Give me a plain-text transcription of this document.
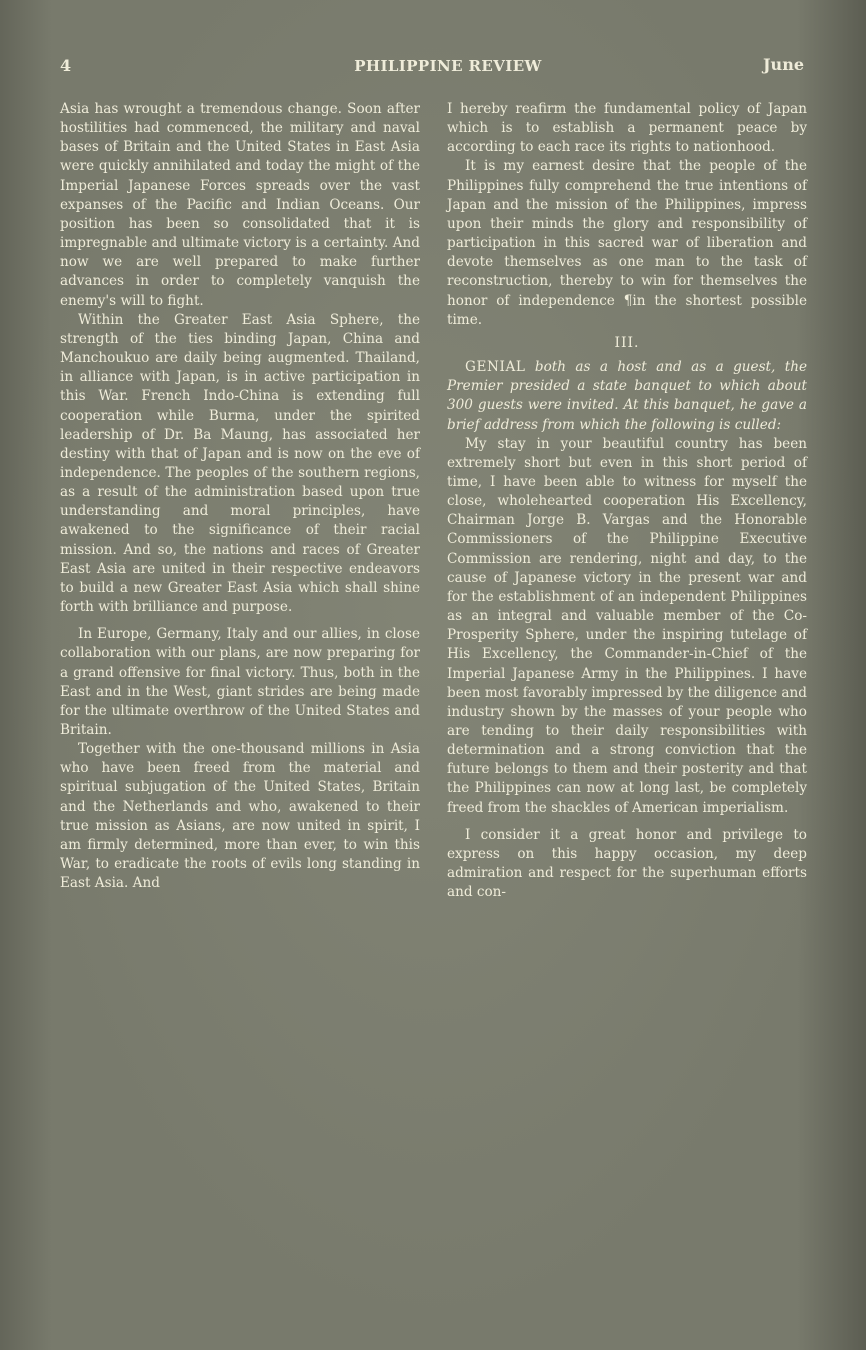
4	PHILIPPINE REVIEW	June

Asia has wrought a tremendous change. Soon after hostilities had commenced, the military and naval bases of Britain and the United States in East Asia were quickly annihilated and today the might of the Imperial Japanese Forces spreads over the vast expanses of the Pacific and Indian Oceans. Our position has been so consolidated that it is impregnable and ultimate victory is a certainty. And now we are well prepared to make further advances in order to completely vanquish the enemy's will to fight.

Within the Greater East Asia Sphere, the strength of the ties binding Japan, China and Manchoukuo are daily being augmented. Thailand, in alliance with Japan, is in active participation in this War. French Indo-China is extending full cooperation while Burma, under the spirited leadership of Dr. Ba Maung, has associated her destiny with that of Japan and is now on the eve of independence. The peoples of the southern regions, as a result of the administration based upon true understanding and moral principles, have awakened to the significance of their racial mission. And so, the nations and races of Greater East Asia are united in their respective endeavors to build a new Greater East Asia which shall shine forth with brilliance and purpose.

In Europe, Germany, Italy and our allies, in close collaboration with our plans, are now preparing for a grand offensive for final victory. Thus, both in the East and in the West, giant strides are being made for the ultimate overthrow of the United States and Britain.

Together with the one-thousand millions in Asia who have been freed from the material and spiritual subjugation of the United States, Britain and the Netherlands and who, awakened to their true mission as Asians, are now united in spirit, I am firmly determined, more than ever, to win this War, to eradicate the roots of evils long standing in East Asia. And

I hereby reafirm the fundamental policy of Japan which is to establish a permanent peace by according to each race its rights to nationhood.

It is my earnest desire that the people of the Philippines fully comprehend the true intentions of Japan and the mission of the Philippines, impress upon their minds the glory and responsibility of participation in this sacred war of liberation and devote themselves as one man to the task of reconstruction, thereby to win for themselves the honor of independence ¶in the shortest possible time.

III.

GENIAL both as a host and as a guest, the Premier presided a state banquet to which about 300 guests were invited. At this banquet, he gave a brief address from which the following is culled:

My stay in your beautiful country has been extremely short but even in this short period of time, I have been able to witness for myself the close, wholehearted cooperation His Excellency, Chairman Jorge B. Vargas and the Honorable Commissioners of the Philippine Executive Commission are rendering, night and day, to the cause of Japanese victory in the present war and for the establishment of an independent Philippines as an integral and valuable member of the Co-Prosperity Sphere, under the inspiring tutelage of His Excellency, the Commander-in-Chief of the Imperial Japanese Army in the Philippines. I have been most favorably impressed by the diligence and industry shown by the masses of your people who are tending to their daily responsibilities with determination and a strong conviction that the future belongs to them and their posterity and that the Philippines can now at long last, be completely freed from the shackles of American imperialism.

I consider it a great honor and privilege to express on this happy occasion, my deep admiration and respect for the superhuman efforts and con-
